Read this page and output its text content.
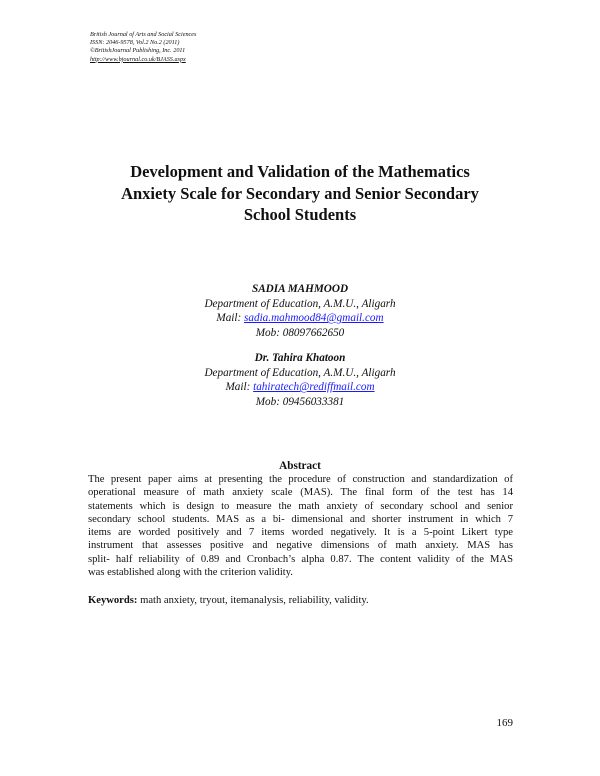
British Journal of Arts and Social Sciences
ISSN: 2046-9578, Vol.2 No.2 (2011)
©BritishJournal Publishing, Inc. 2011
http://www.bjournal.co.uk/BJASS.aspx
Development and Validation of the Mathematics
Anxiety Scale for Secondary and Senior Secondary
School Students
SADIA MAHMOOD
Department of Education, A.M.U., Aligarh
Mail: sadia.mahmood84@gmail.com
Mob: 08097662650
Dr. Tahira Khatoon
Department of Education, A.M.U., Aligarh
Mail: tahiratech@rediffmail.com
Mob: 09456033381
Abstract
The present paper aims at presenting the procedure of construction and standardization of
operational measure of math anxiety scale (MAS). The final form of the test has 14
statements which is design to measure the math anxiety of secondary school and senior
secondary school students. MAS as a bi- dimensional and shorter instrument in which 7
items are worded positively and 7 items worded negatively. It is a 5-point Likert type
instrument that assesses positive and negative dimensions of math anxiety. MAS has
split- half reliability of 0.89 and Cronbach’s alpha 0.87. The content validity of the MAS
was established along with the criterion validity.
Keywords: math anxiety, tryout, itemanalysis, reliability, validity.
169
